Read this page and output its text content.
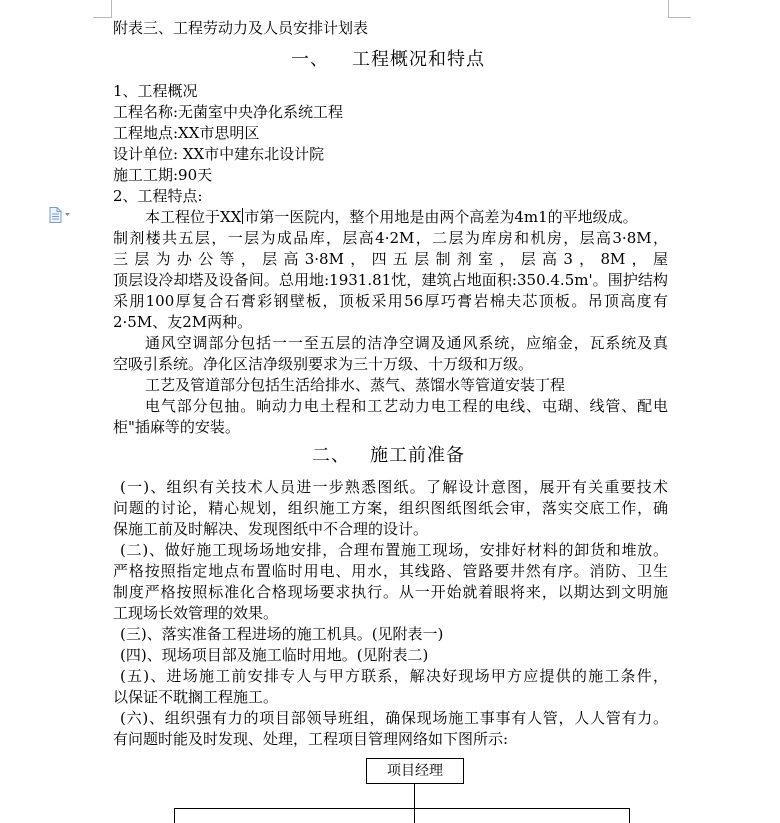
附表三、工程劳动力及人员安排计划表
一、 工程概况和特点
1、工程概况
工程名称:无菌室中央净化系统工程
工程地点:XX市思明区
设计单位: XX市中建东北设计院
施工工期:90天
2、工程特点:
本工程位于XX 市第一医院内，整个用地是由两个高差为4m1的平地级成。
制剂楼共五层，一层为成品库，层高4·2M，二层为库房和机房，层高3·8M，
三层为办公等，层高3·8M，四五层制剂室，层高3，8M，屋
顶层设冷却塔及设备间。总用地:1931.81忱，建筑占地面积:350.4.5m'。围护结构
采朋100厚复合石膏彩钢壁板，顶板采用56厚巧膏岩棉夫芯顶板。吊顶高度有
2·5M、友2M两种。
通风空调部分包括一一至五层的洁净空调及通风系统，应缩金，瓦系统及真
空吸引系统。净化区洁净级别要求为三十万级、十万级和万级。
工艺及管道部分包括生活给排水、蒸气、蒸馏水等管道安装丁程
电气部分包抽。晌动力电土程和工艺动力电工程的电线、屯瑚、线管、配电
柜"插麻等的安装。
二、 施工前准备
(一)、组织有关技术人员进一步熟悉图纸。了解设计意图，展开有关重要技术
问题的讨论，精心规划，组织施工方案，组织图纸图纸会审，落实交底工作，确
保施工前及时解决、发现图纸中不合理的设计。
(二)、做好施工现场场地安排，合理布置施工现场，安排好材料的卸货和堆放。
严格按照指定地点布置临时用电、用水，其线路、管路要井然有序。消防、卫生
制度严格按照标准化合格现场要求执行。从一开始就着眼将来，以期达到文明施
工现场长效管理的效果。
(三)、落实准备工程进场的施工机具。(见附表一)
(四)、现场项目部及施工临时用地。(见附表二)
(五)、进场施工前安排专人与甲方联系，解决好现场甲方应提供的施工条件，
以保证不耽搁工程施工。
(六)、组织强有力的项目部领导班组，确保现场施工事事有人管，人人管有力。
有问题时能及时发现、处理，工程项目管理网络如下图所示:
项目经理
